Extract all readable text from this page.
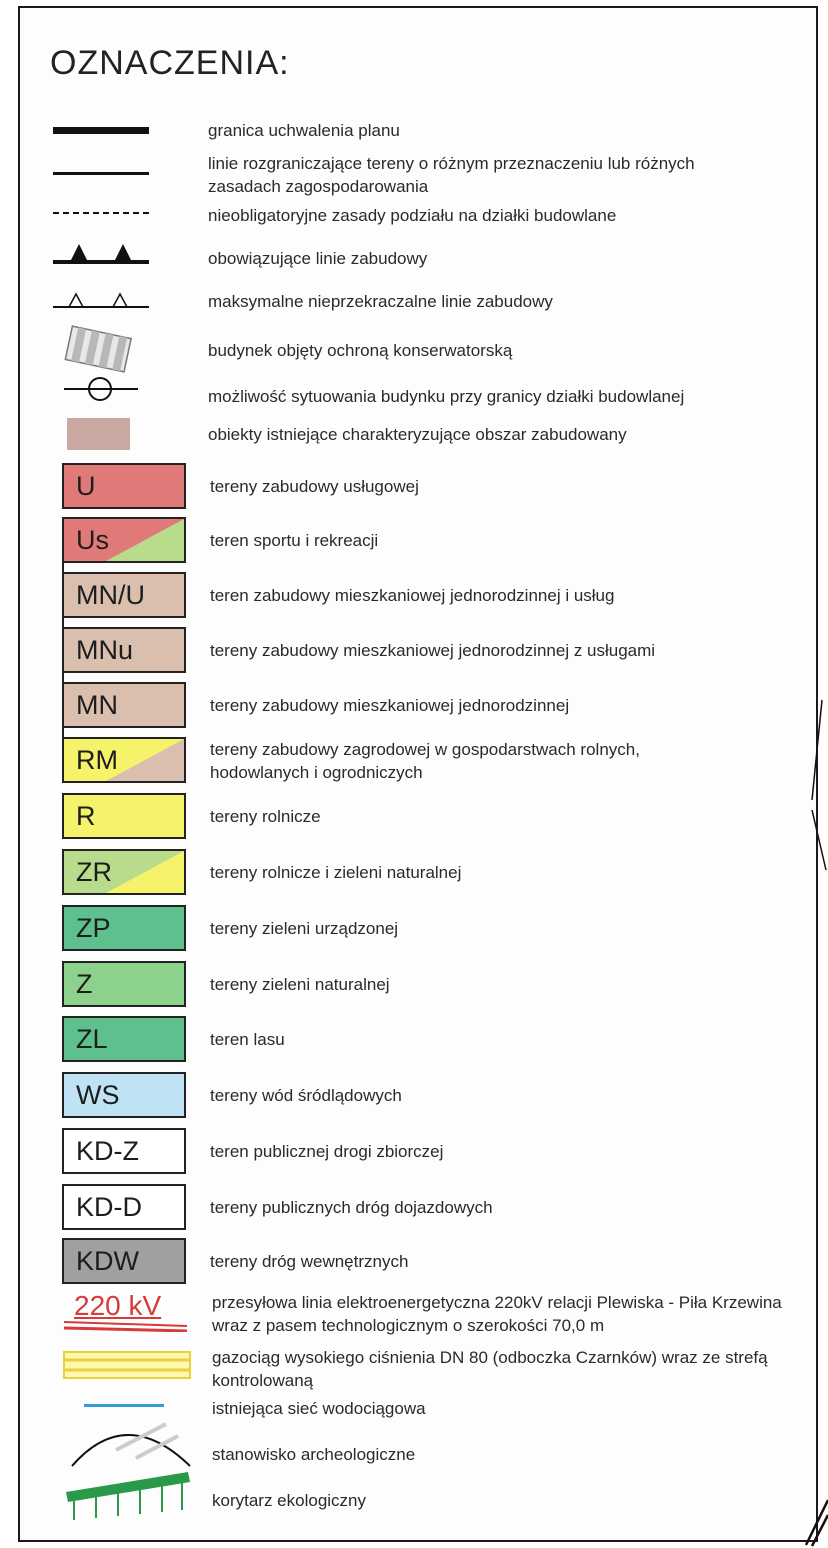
OZNACZENIA:
granica uchwalenia planu
linie rozgraniczające tereny o różnym przeznaczeniu lub różnych
zasadach zagospodarowania
nieobligatoryjne zasady podziału na działki budowlane
obowiązujące linie zabudowy
maksymalne nieprzekraczalne linie zabudowy
budynek objęty ochroną konserwatorską
możliwość sytuowania budynku przy granicy działki budowlanej
obiekty istniejące charakteryzujące obszar zabudowany
U	tereny zabudowy usługowej
Us	teren sportu i rekreacji
MN/U	teren zabudowy mieszkaniowej jednorodzinnej i usług
MNu	tereny zabudowy mieszkaniowej jednorodzinnej z usługami
MN	tereny zabudowy mieszkaniowej jednorodzinnej
RM	tereny zabudowy zagrodowej w gospodarstwach rolnych,
hodowlanych i ogrodniczych
R	tereny rolnicze
ZR	tereny rolnicze i zieleni naturalnej
ZP	tereny zieleni urządzonej
Z	tereny zieleni naturalnej
ZL	teren lasu
WS	tereny wód śródlądowych
KD-Z	teren publicznej drogi zbiorczej
KD-D	tereny publicznych dróg dojazdowych
KDW	tereny dróg wewnętrznych
220 kV	przesyłowa linia elektroenergetyczna 220kV relacji Plewiska - Piła Krzewina
wraz z pasem technologicznym o szerokości 70,0 m
gazociąg wysokiego ciśnienia DN 80 (odboczka Czarnków) wraz ze strefą
kontrolowaną
istniejąca sieć wodociągowa
stanowisko archeologiczne
korytarz ekologiczny
